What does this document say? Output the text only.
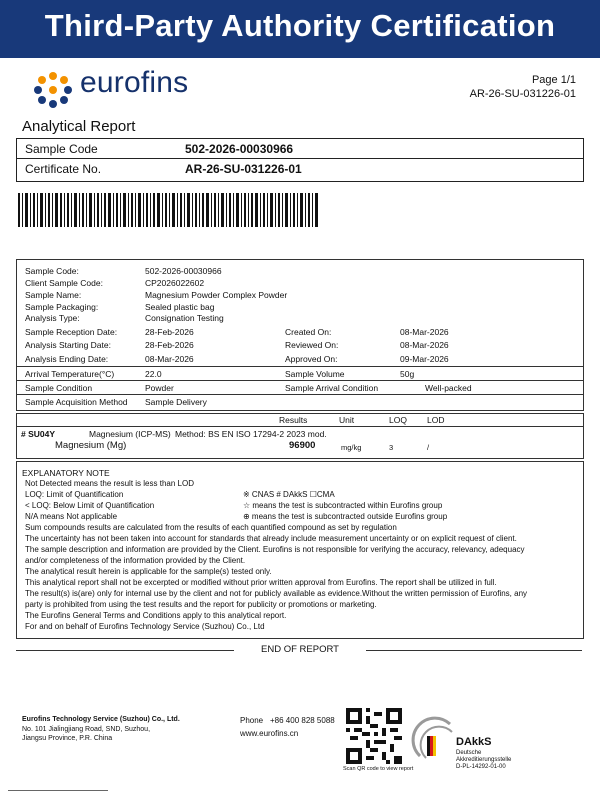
Third-Party Authority Certification
eurofins	Page 1/1
AR-26-SU-031226-01
Analytical Report
Sample Code	502-2026-00030966
Certificate No.	AR-26-SU-031226-01
Sample Code:	502-2026-00030966
Client Sample Code:	CP2026022602
Sample Name:	Magnesium Powder Complex Powder
Sample Packaging:	Sealed plastic bag
Analysis Type:	Consignation Testing
Sample Reception Date:	28-Feb-2026	Created On:	08-Mar-2026
Analysis Starting Date:	28-Feb-2026	Reviewed On:	08-Mar-2026
Analysis Ending Date:	08-Mar-2026	Approved On:	09-Mar-2026
Arrival Temperature(°C)	22.0	Sample Volume	50g
Sample Condition	Powder	Sample Arrival Condition	Well-packed
Sample Acquisition Method Sample Delivery
Results	Unit	LOQ LOD
# SU04Y	Magnesium (ICP-MS) Method: BS EN ISO 17294-2 2023 mod.
Magnesium (Mg)	96900	mg/kg	3	/
EXPLANATORY NOTE
Not Detected means the result is less than LOD
LOQ: Limit of Quantification
< LOQ: Below Limit of Quantification
N/A means Not applicable
※ CNAS # DAkkS ☐CMA
☆ means the test is subcontracted within Eurofins group
⊕ means the test is subcontracted outside Eurofins group
Sum compounds results are calculated from the results of each quantified compound as set by regulation
The uncertainty has not been taken into account for standards that already include measurement uncertainty or on explicit request of client.
The sample description and information are provided by the Client. Eurofins is not responsible for verifying the accuracy, relevancy, adequacy
and/or completeness of the information provided by the Client.
The analytical result herein is applicable for the sample(s) tested only.
This analytical report shall not be excerpted or modified without prior written approval from Eurofins. The report shall be utilized in full.
The result(s) is(are) only for internal use by the client and not for publicly available as evidence.Without the written permission of Eurofins, any
party is prohibited from using the test results and the report for publicity or promotions or marketing.
The Eurofins General Terms and Conditions apply to this analytical report.
For and on behalf of Eurofins Technology Service (Suzhou) Co., Ltd
END OF REPORT
Eurofins Technology Service (Suzhou) Co., Ltd.
No. 101 Jialingjiang Road, SND, Suzhou,
Jiangsu Province, P.R. China
Phone +86 400 828 5088
www.eurofins.cn
Scan QR code to view report
DAkkS
Deutsche
Akkreditierungsstelle
D-PL-14292-01-00
